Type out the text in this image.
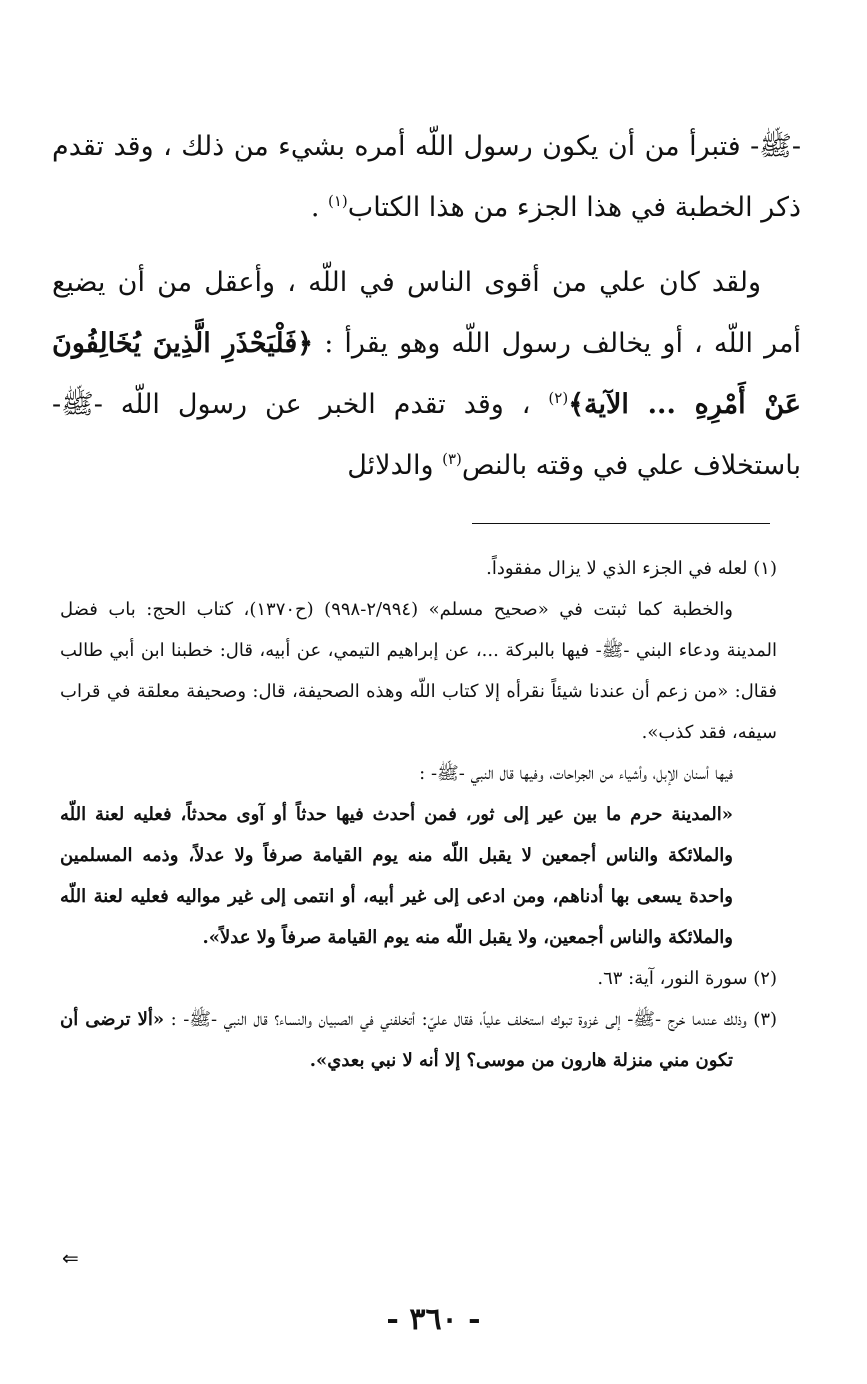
-ﷺ- فتبرأ من أن يكون رسول اللّه أمره بشيء من ذلك ، وقد تقدم ذكر الخطبة في هذا الجزء من هذا الكتاب$^{(١)}$ .

ولقد كان علي من أقوى الناس في اللّه ، وأعقل من أن يضيع أمر اللّه ، أو يخالف رسول اللّه وهو يقرأ : ﴿فَلْيَحْذَرِ الَّذِينَ يُخَالِفُونَ عَنْ أَمْرِهِ ... الآية﴾$^{(٢)}$ ، وقد تقدم الخبر عن رسول اللّه -ﷺ- باستخلاف علي في وقته بالنص$^{(٣)}$ والدلائل

(١) لعله في الجزء الذي لا يزال مفقوداً.

والخطبة كما ثبتت في «صحيح مسلم» (٢/٩٩٤-٩٩٨) (ح١٣٧٠)، كتاب الحج: باب فضل المدينة ودعاء البني -ﷺ- فيها بالبركة ...، عن إبراهيم التيمي، عن أبيه، قال: خطبنا ابن أبي طالب فقال: «من زعم أن عندنا شيئاً نقرأه إلا كتاب اللّه وهذه الصحيفة، قال: وصحيفة معلقة في قراب سيفه، فقد كذب».

فيها أسنان الإبل، وأشياء من الجراحات، وفيها قال النبي -ﷺ- :

«المدينة حرم ما بين عير إلى ثور، فمن أحدث فيها حدثاً أو آوى محدثاً، فعليه لعنة اللّه والملائكة والناس أجمعين لا يقبل اللّه منه يوم القيامة صرفاً ولا عدلاً، وذمه المسلمين واحدة يسعى بها أدناهم، ومن ادعى إلى غير أبيه، أو انتمى إلى غير مواليه فعليه لعنة اللّه والملائكة والناس أجمعين، ولا يقبل اللّه منه يوم القيامة صرفاً ولا عدلاً».

(٢) سورة النور، آية: ٦٣.

(٣) وذلك عندما خرج -ﷺ- إلى غزوة تبوك استخلف علياً، فقال عليّ: أتخلفني في الصبيان والنساء؟ قال النبي -ﷺ- : «ألا ترضى أن تكون مني منزلة هارون من موسى؟ إلا أنه لا نبي بعدي».

⇐
- ٣٦٠ -
